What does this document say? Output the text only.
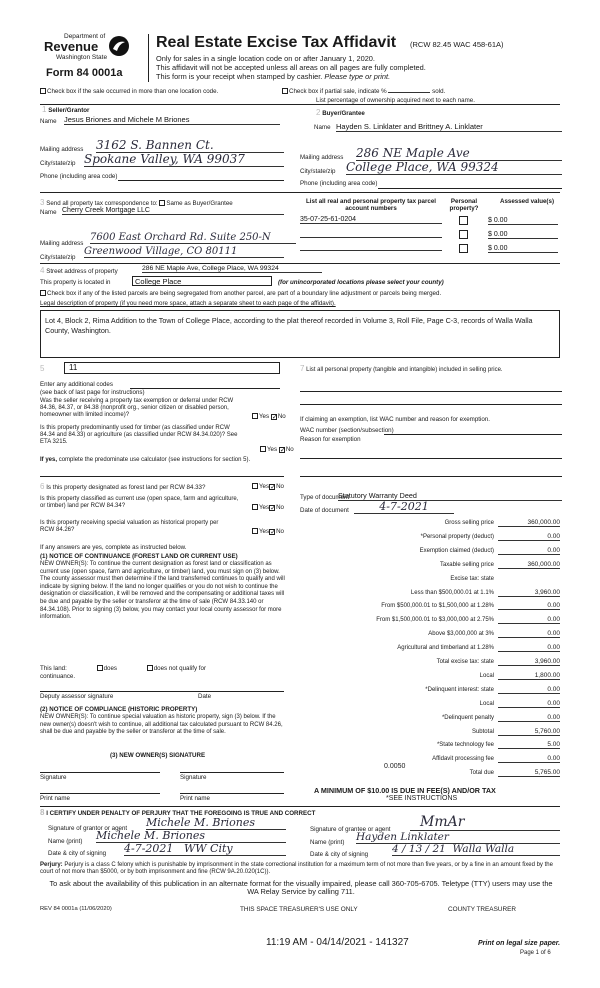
Department of
Revenue
Washington State
Form 84 0001a
Real Estate Excise Tax Affidavit (RCW 82.45 WAC 458-61A)
Only for sales in a single location code on or after January 1, 2020.
This affidavit will not be accepted unless all areas on all pages are fully completed.
This form is your receipt when stamped by cashier. Please type or print.
Check box if the sale occurred in more than one location code.	Check box if partial sale, indicate %	sold.
List percentage of ownership acquired next to each name.
1 Seller/Grantor
Name Jesus Briones and Michele M Briones
Mailing address 3162 S. Bannen Ct.
City/state/zip Spokane Valley, WA 99037
Phone (including area code)
2 Buyer/Grantee
Name Hayden S. Linklater and Brittney A. Linklater
Mailing address 286 NE Maple Ave
City/state/zip College Place, WA 99324
Phone (including area code)
3 Send all property tax correspondence to: Same as Buyer/Grantee
Name Cherry Creek Mortgage LLC
Mailing address
7600 East Orchard Rd. Suite 250-N
City/state/zip
Greenwood Village, CO 80111
List all real and personal property tax parcel account numbers
Personal property?
Assessed value(s)
35-07-25-61-0204	$ 0.00
$ 0.00
$ 0.00
4 Street address of property	286 NE Maple Ave, College Place, WA 99324
This property is located in	College Place	(for unincorporated locations please select your county)
Check box if any of the listed parcels are being segregated from another parcel, are part of a boundary line adjustment or parcels being merged.
Legal description of property (if you need more space, attach a separate sheet to each page of the affidavit).
Lot 4, Block 2, Rima Addition to the Town of College Place, according to the plat thereof recorded in Volume 3, Roll File, Page C-3, records of Walla Walla County, Washington.
5	11
Enter any additional codes
(see back of last page for instructions)
Was the seller receiving a property tax exemption or deferral under RCW 84.36, 84.37, or 84.38 (nonprofit org., senior citizen or disabled person, homeowner with limited income)?	Yes ✓ No
Is this property predominantly used for timber (as classified under RCW 84.34 and 84.33) or agriculture (as classified under RCW 84.34.020)? See ETA 3215.
Yes ✓ No
If yes, complete the predominate use calculator (see instructions for section 5).
6 Is this property designated as forest land per RCW 84.33?	Yes ✓ No
Is this property classified as current use (open space, farm and agriculture, or timber) land per RCW 84.34?	Yes ✓ No
Is this property receiving special valuation as historical property per RCW 84.26?	Yes ✓ No
If any answers are yes, complete as instructed below.
(1) NOTICE OF CONTINUANCE (FOREST LAND OR CURRENT USE)
NEW OWNER(S): To continue the current designation as forest land or classification as current use (open space, farm and agriculture, or timber) land, you must sign on (3) below. The county assessor must then determine if the land transferred continues to qualify and will indicate by signing below. If the land no longer qualifies or you do not wish to continue the designation or classification, it will be removed and the compensating or additional taxes will be due and payable by the seller or transferor at the time of sale (RCW 84.33.140 or 84.34.108). Prior to signing (3) below, you may contact your local county assessor for more information.
This land:	does	does not qualify for
continuance.
Deputy assessor signature	Date
(2) NOTICE OF COMPLIANCE (HISTORIC PROPERTY)
NEW OWNER(S): To continue special valuation as historic property, sign (3) below. If the new owner(s) doesn't wish to continue, all additional tax calculated pursuant to RCW 84.26, shall be due and payable by the seller or transferor at the time of sale.
(3) NEW OWNER(S) SIGNATURE
Signature	Signature
Print name	Print name
7 List all personal property (tangible and intangible) included in selling price.
If claiming an exemption, list WAC number and reason for exemption.
WAC number (section/subsection)
Reason for exemption
Type of document
Statutory Warranty Deed
Date of document	4-7-2021
Gross selling price	360,000.00
*Personal property (deduct)	0.00
Exemption claimed (deduct)	0.00
Taxable selling price	360,000.00
Excise tax: state
Less than $500,000.01 at 1.1%	3,960.00
From $500,000.01 to $1,500,000 at 1.28%	0.00
From $1,500,000.01 to $3,000,000 at 2.75%	0.00
Above $3,000,000 at 3%	0.00
Agricultural and timberland at 1.28%	0.00
Total excise tax: state	3,960.00
Local	1,800.00
*Delinquent interest: state	0.00
Local	0.00
*Delinquent penalty	0.00
Subtotal	5,760.00
*State technology fee	5.00
Affidavit processing fee	0.00
Total due	5,765.00
0.0050
A MINIMUM OF $10.00 IS DUE IN FEE(S) AND/OR TAX
*SEE INSTRUCTIONS
8 I CERTIFY UNDER PENALTY OF PERJURY THAT THE FOREGOING IS TRUE AND CORRECT
Signature of grantor or agent Michele M. Briones
Name (print) Michele M. Briones
Date & city of signing 4-7-2021 WW City
Signature of grantee or agent	MmAr
Name (print) Hayden Linklater
Date & city of signing 4 / 13 / 21 Walla Walla
Perjury: Perjury is a class C felony which is punishable by imprisonment in the state correctional institution for a maximum term of not more than five years, or by a fine in an amount fixed by the court of not more than $5000, or by both imprisonment and fine (RCW 9A.20.020(1C)).
To ask about the availability of this publication in an alternate format for the visually impaired, please call 360-705-6705. Teletype (TTY) users may use the WA Relay Service by calling 711.
REV 84 0001a (11/06/2020)	THIS SPACE TREASURER'S USE ONLY	COUNTY TREASURER
11:19 AM - 04/14/2021 - 141327	Print on legal size paper.
Page 1 of 6
